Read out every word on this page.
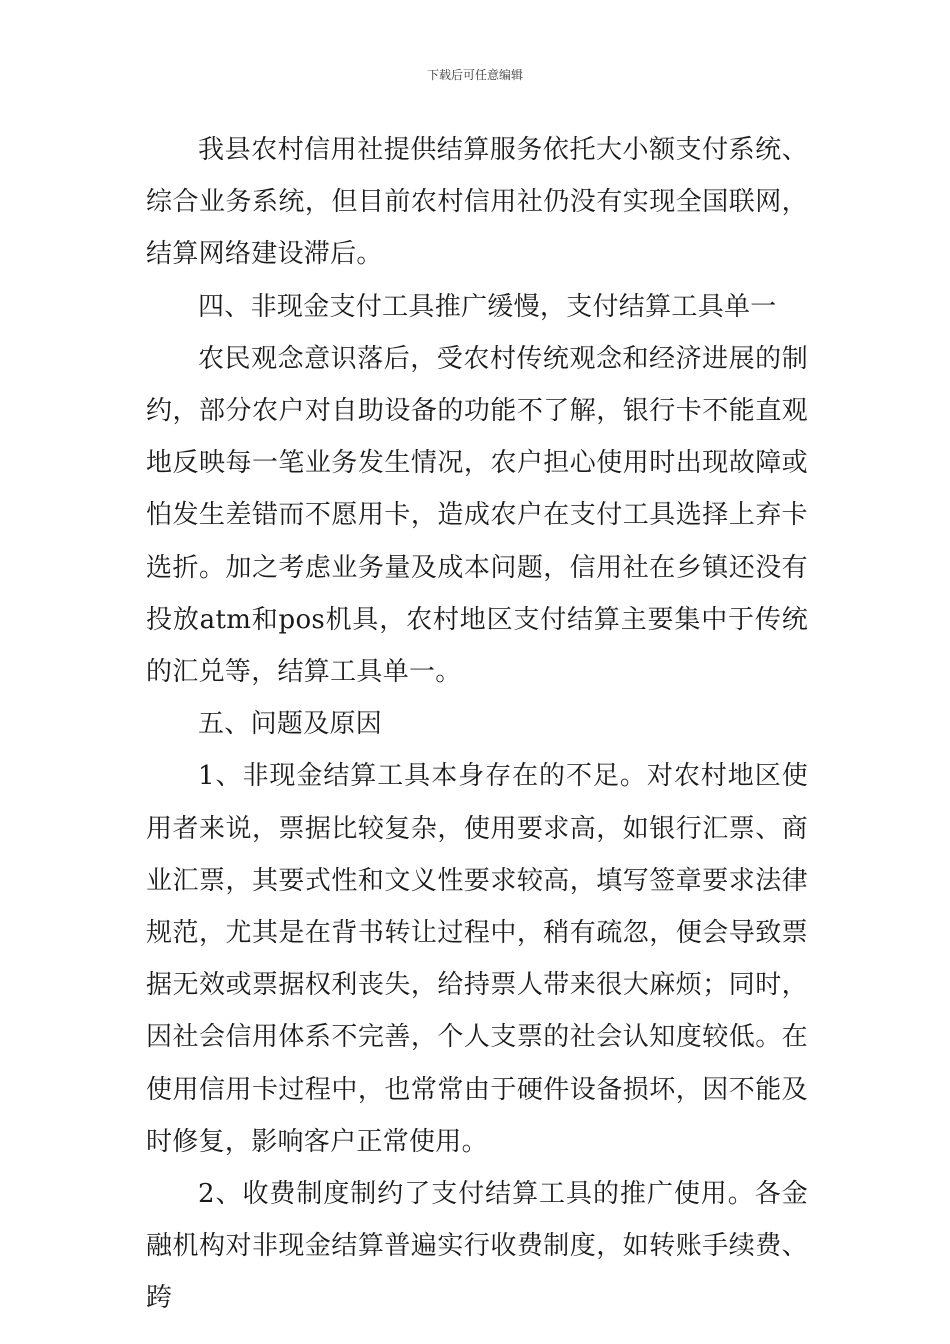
下载后可任意编辑

我县农村信用社提供结算服务依托大小额支付系统、综合业务系统，但目前农村信用社仍没有实现全国联网，结算网络建设滞后。

四、非现金支付工具推广缓慢，支付结算工具单一

农民观念意识落后，受农村传统观念和经济进展的制约，部分农户对自助设备的功能不了解，银行卡不能直观地反映每一笔业务发生情况，农户担心使用时出现故障或怕发生差错而不愿用卡，造成农户在支付工具选择上弃卡选折。加之考虑业务量及成本问题，信用社在乡镇还没有投放atm和pos机具，农村地区支付结算主要集中于传统的汇兑等，结算工具单一。

五、问题及原因

1、非现金结算工具本身存在的不足。对农村地区使用者来说，票据比较复杂，使用要求高，如银行汇票、商业汇票，其要式性和文义性要求较高，填写签章要求法律规范，尤其是在背书转让过程中，稍有疏忽，便会导致票据无效或票据权利丧失，给持票人带来很大麻烦；同时，因社会信用体系不完善，个人支票的社会认知度较低。在使用信用卡过程中，也常常由于硬件设备损坏，因不能及时修复，影响客户正常使用。

2、收费制度制约了支付结算工具的推广使用。各金融机构对非现金结算普遍实行收费制度，如转账手续费、跨
